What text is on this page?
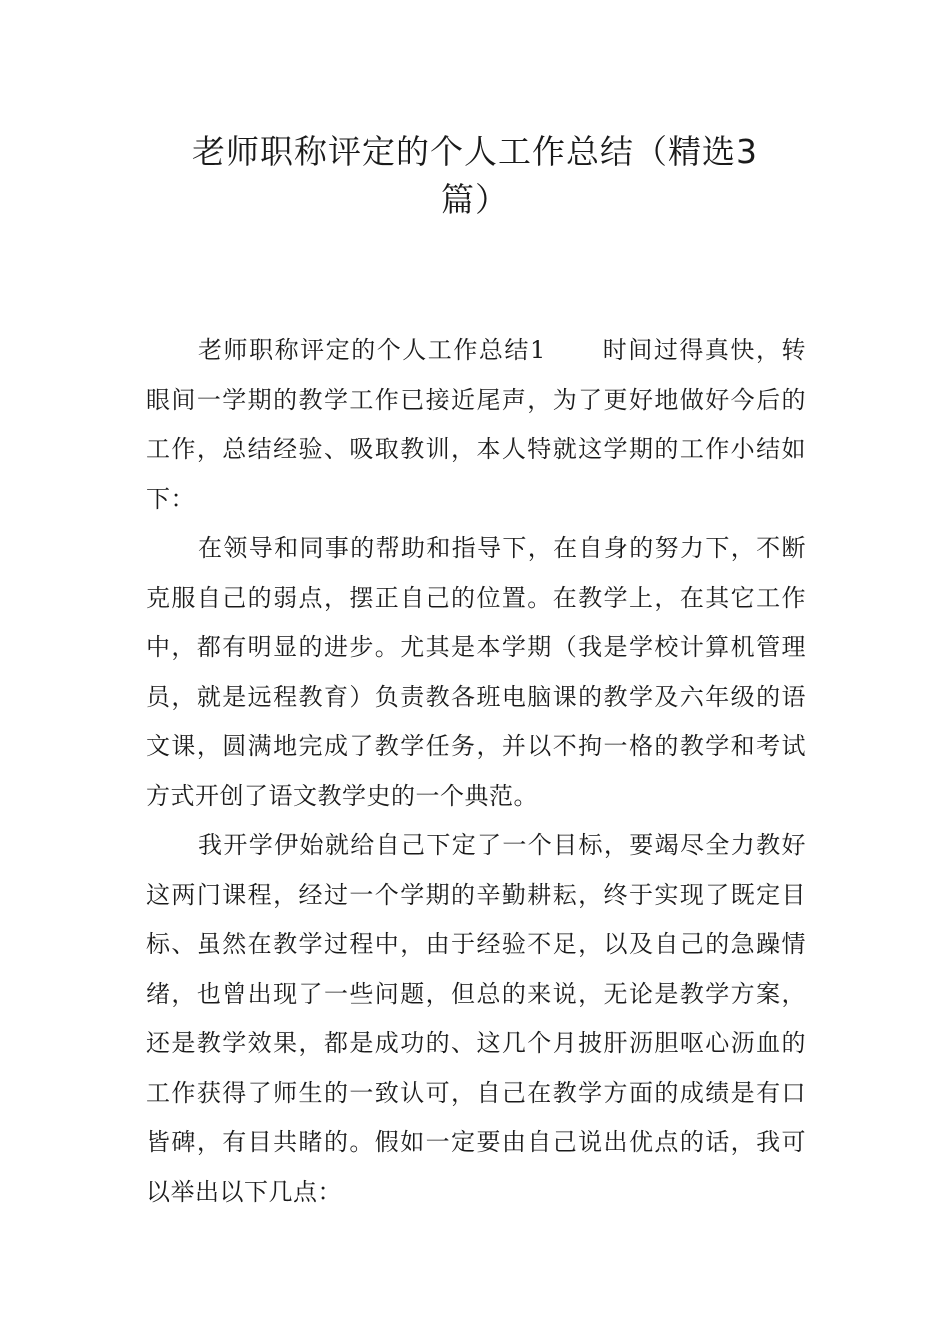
老师职称评定的个人工作总结（精选3
篇）

老师职称评定的个人工作总结1 时间过得真快，转眼间一学期的教学工作已接近尾声，为了更好地做好今后的工作，总结经验、吸取教训，本人特就这学期的工作小结如下：

在领导和同事的帮助和指导下，在自身的努力下，不断克服自己的弱点，摆正自己的位置。在教学上，在其它工作中，都有明显的进步。尤其是本学期（我是学校计算机管理员，就是远程教育）负责教各班电脑课的教学及六年级的语文课，圆满地完成了教学任务，并以不拘一格的教学和考试方式开创了语文教学史的一个典范。

我开学伊始就给自己下定了一个目标，要竭尽全力教好这两门课程，经过一个学期的辛勤耕耘，终于实现了既定目标、虽然在教学过程中，由于经验不足，以及自己的急躁情绪，也曾出现了一些问题，但总的来说，无论是教学方案，还是教学效果，都是成功的、这几个月披肝沥胆呕心沥血的工作获得了师生的一致认可，自己在教学方面的成绩是有口皆碑，有目共睹的。假如一定要由自己说出优点的话，我可以举出以下几点：
